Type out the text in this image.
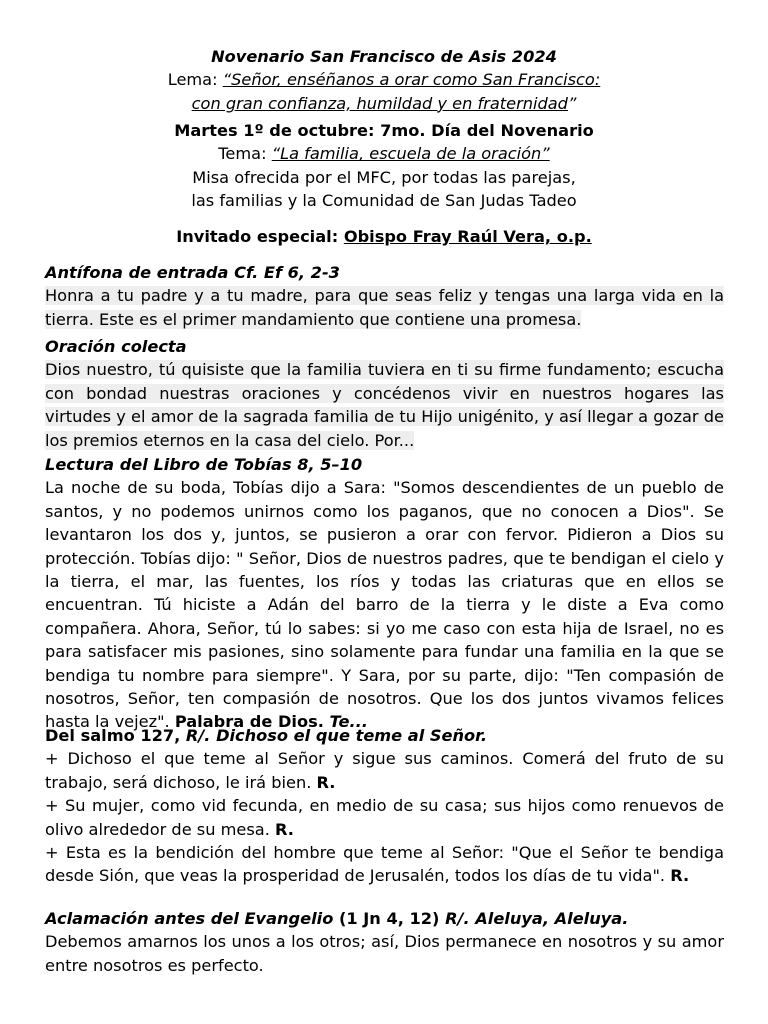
Novenario San Francisco de Asis 2024
Lema: “Señor, enséñanos a orar como San Francisco:
con gran confianza, humildad y en fraternidad”
Martes 1º de octubre: 7mo. Día del Novenario
Tema: “La familia, escuela de la oración”
Misa ofrecida por el MFC, por todas las parejas,
las familias y la Comunidad de San Judas Tadeo
Invitado especial: Obispo Fray Raúl Vera, o.p.
Antífona de entrada Cf. Ef 6, 2-3
Honra a tu padre y a tu madre, para que seas feliz y tengas una larga vida en la tierra. Este es el primer mandamiento que contiene una promesa.
Oración colecta
Dios nuestro, tú quisiste que la familia tuviera en ti su firme fundamento; escucha con bondad nuestras oraciones y concédenos vivir en nuestros hogares las virtudes y el amor de la sagrada familia de tu Hijo unigénito, y así llegar a gozar de los premios eternos en la casa del cielo. Por...
Lectura del Libro de Tobías 8, 5–10
La noche de su boda, Tobías dijo a Sara: "Somos descendientes de un pueblo de santos, y no podemos unirnos como los paganos, que no conocen a Dios". Se levantaron los dos y, juntos, se pusieron a orar con fervor. Pidieron a Dios su protección. Tobías dijo: " Señor, Dios de nuestros padres, que te bendigan el cielo y la tierra, el mar, las fuentes, los ríos y todas las criaturas que en ellos se encuentran. Tú hiciste a Adán del barro de la tierra y le diste a Eva como compañera. Ahora, Señor, tú lo sabes: si yo me caso con esta hija de Israel, no es para satisfacer mis pasiones, sino solamente para fundar una familia en la que se bendiga tu nombre para siempre". Y Sara, por su parte, dijo: "Ten compasión de nosotros, Señor, ten compasión de nosotros. Que los dos juntos vivamos felices hasta la vejez". Palabra de Dios. Te...
Del salmo 127, R/. Dichoso el que teme al Señor.
+ Dichoso el que teme al Señor y sigue sus caminos. Comerá del fruto de su trabajo, será dichoso, le irá bien. R.
+ Su mujer, como vid fecunda, en medio de su casa; sus hijos como renuevos de olivo alrededor de su mesa. R.
+ Esta es la bendición del hombre que teme al Señor: "Que el Señor te bendiga desde Sión, que veas la prosperidad de Jerusalén, todos los días de tu vida". R.
Aclamación antes del Evangelio (1 Jn 4, 12) R/. Aleluya, Aleluya.
Debemos amarnos los unos a los otros; así, Dios permanece en nosotros y su amor entre nosotros es perfecto.
